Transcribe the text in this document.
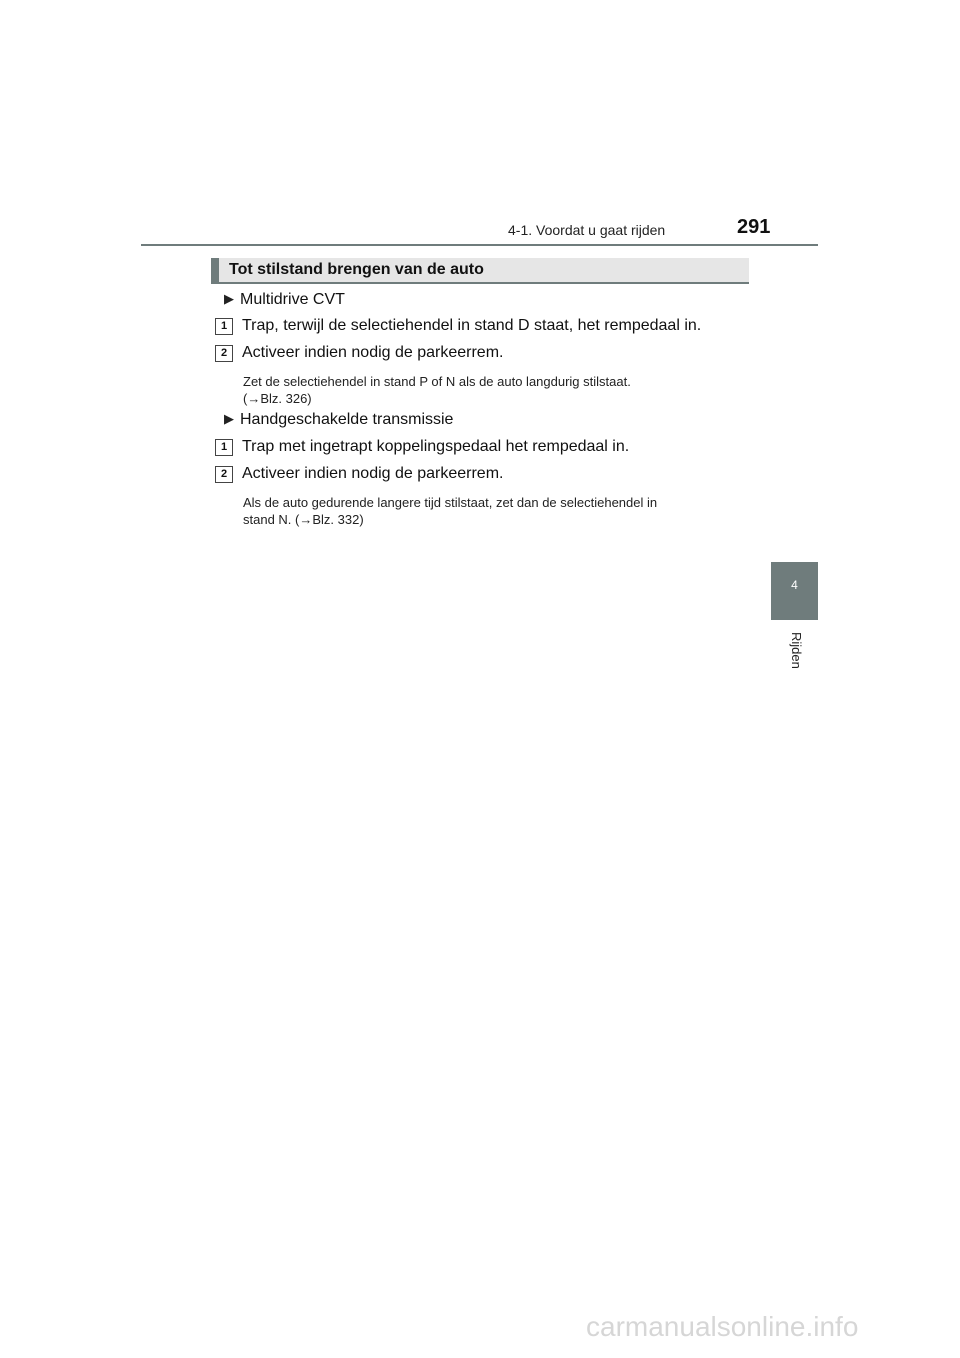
4-1. Voordat u gaat rijden	291
4
Rijden
Tot stilstand brengen van de auto
▶ Multidrive CVT
1 Trap, terwijl de selectiehendel in stand D staat, het rempedaal in.
2 Activeer indien nodig de parkeerrem.
Zet de selectiehendel in stand P of N als de auto langdurig stilstaat.
(→Blz. 326)
▶ Handgeschakelde transmissie
1 Trap met ingetrapt koppelingspedaal het rempedaal in.
2 Activeer indien nodig de parkeerrem.
Als de auto gedurende langere tijd stilstaat, zet dan de selectiehendel in
stand N. (→Blz. 332)
carmanualsonline.info
